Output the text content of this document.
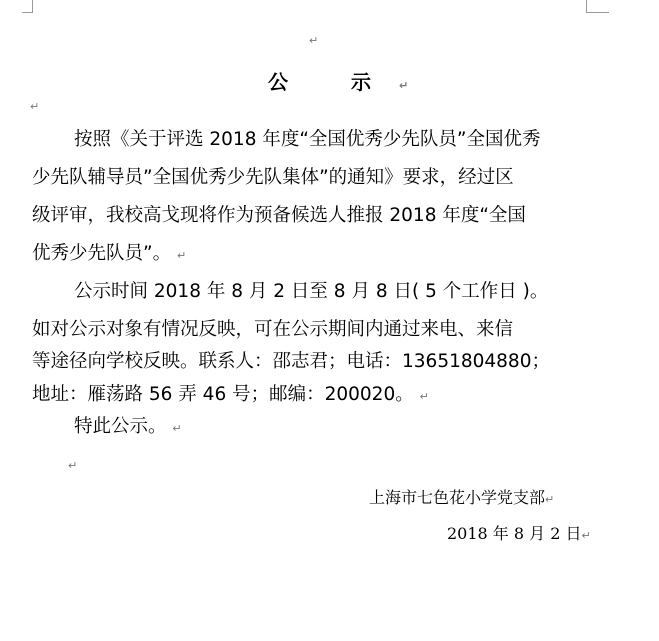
↵
公 示↵
↵
按照《关于评选 2018 年度“全国优秀少先队员”全国优秀
少先队辅导员”全国优秀少先队集体”的通知》要求，经过区
级评审，我校高戈现将作为预备候选人推报 2018 年度“全国
优秀少先队员”。 ↵
公示时间 2018 年 8 月 2 日至 8 月 8 日( 5 个工作日 )。
如对公示对象有情况反映，可在公示期间内通过来电、来信
等途径向学校反映。联系人：邵志君；电话：13651804880；
地址：雁荡路 56 弄 46 号；邮编：200020。 ↵
特此公示。 ↵
↵
上海市七色花小学党支部↵
2018 年 8 月 2 日↵
